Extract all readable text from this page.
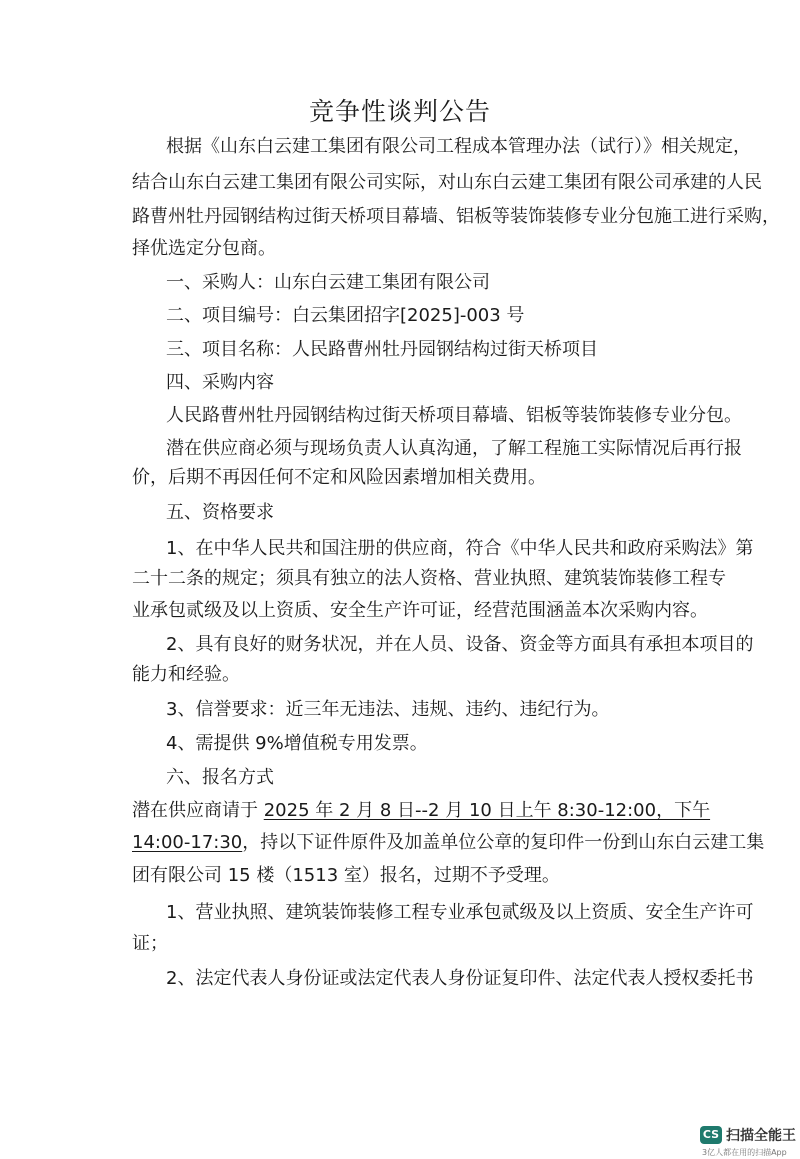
竞争性谈判公告
根据《山东白云建工集团有限公司工程成本管理办法（试行）》相关规定，
结合山东白云建工集团有限公司实际，对山东白云建工集团有限公司承建的人民
路曹州牡丹园钢结构过街天桥项目幕墙、铝板等装饰装修专业分包施工进行采购，
择优选定分包商。
一、采购人：山东白云建工集团有限公司
二、项目编号：白云集团招字[2025]-003 号
三、项目名称：人民路曹州牡丹园钢结构过街天桥项目
四、采购内容
人民路曹州牡丹园钢结构过街天桥项目幕墙、铝板等装饰装修专业分包。
潜在供应商必须与现场负责人认真沟通，了解工程施工实际情况后再行报
价，后期不再因任何不定和风险因素增加相关费用。
五、资格要求
1、在中华人民共和国注册的供应商，符合《中华人民共和政府采购法》第
二十二条的规定；须具有独立的法人资格、营业执照、建筑装饰装修工程专
业承包贰级及以上资质、安全生产许可证，经营范围涵盖本次采购内容。
2、具有良好的财务状况，并在人员、设备、资金等方面具有承担本项目的
能力和经验。
3、信誉要求：近三年无违法、违规、违约、违纪行为。
4、需提供 9%增值税专用发票。
六、报名方式
潜在供应商请于 2025 年 2 月 8 日--2 月 10 日上午 8:30-12:00，下午
14:00-17:30，持以下证件原件及加盖单位公章的复印件一份到山东白云建工集
团有限公司 15 楼（1513 室）报名，过期不予受理。
1、营业执照、建筑装饰装修工程专业承包贰级及以上资质、安全生产许可
证；
2、法定代表人身份证或法定代表人身份证复印件、法定代表人授权委托书
CS 扫描全能王
3亿人都在用的扫描App
